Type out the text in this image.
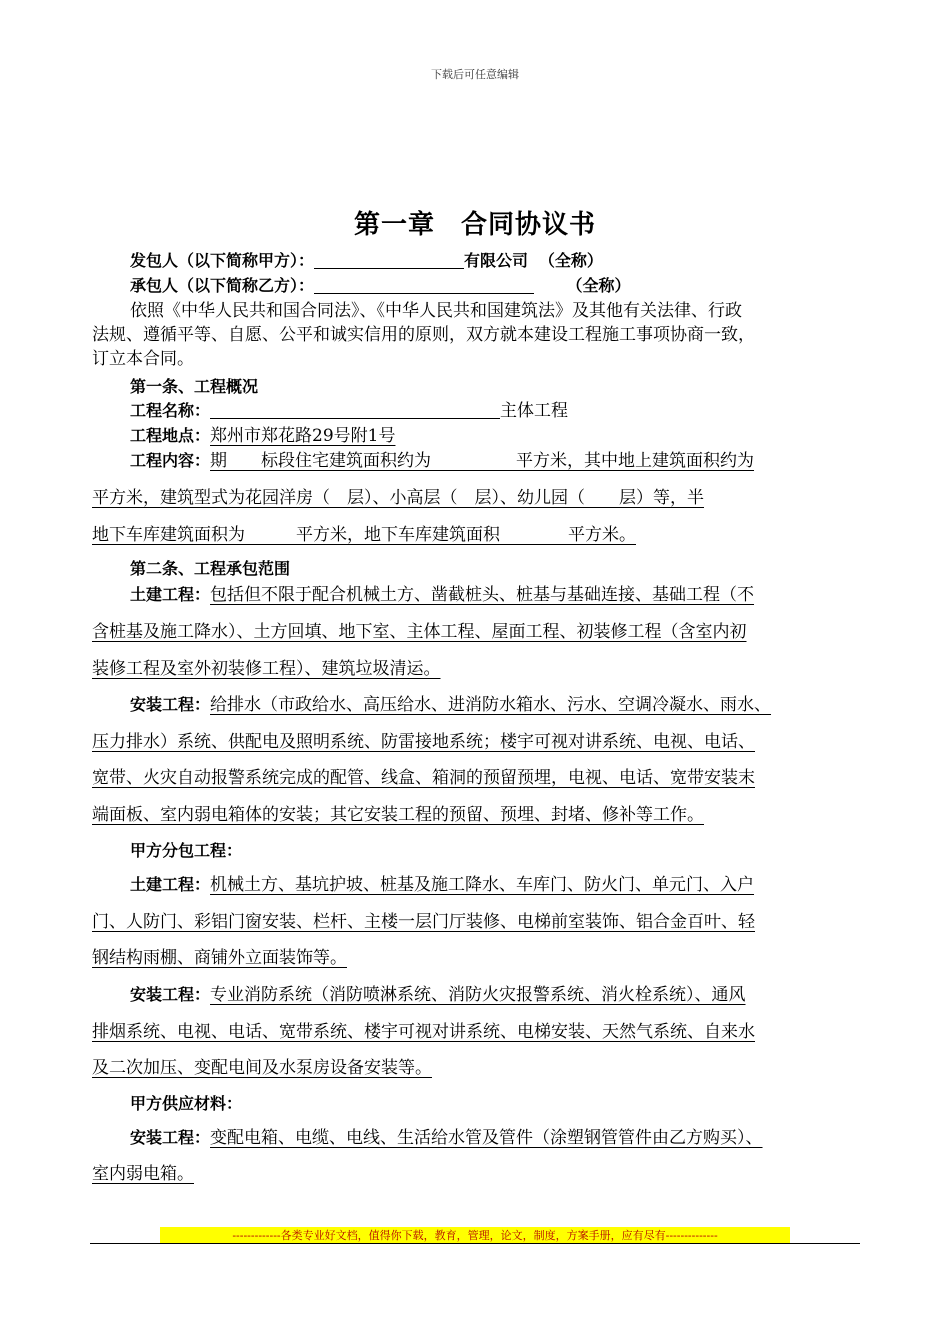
下载后可任意编辑
第一章 合同协议书
发包人（以下简称甲方）：	有限公司 （全称）
承包人（以下简称乙方）：	（全称）
依照《中华人民共和国合同法》、《中华人民共和国建筑法》及其他有关法律、行政
法规、遵循平等、自愿、公平和诚实信用的原则，双方就本建设工程施工事项协商一致，
订立本合同。
第一条、工程概况
工程名称：	主体工程
工程地点：郑州市郑花路29号附1号
工程内容：期　　标段住宅建筑面积约为　　　　　平方米，其中地上建筑面积约为
平方米，建筑型式为花园洋房（　层）、小高层（　层）、幼儿园（　　层）等，半
地下车库建筑面积为　　　平方米，地下车库建筑面积　　　　平方米。
第二条、工程承包范围
土建工程：包括但不限于配合机械土方、凿截桩头、桩基与基础连接、基础工程（不
含桩基及施工降水）、土方回填、地下室、主体工程、屋面工程、初装修工程（含室内初
装修工程及室外初装修工程）、建筑垃圾清运。
安装工程：给排水（市政给水、高压给水、进消防水箱水、污水、空调冷凝水、雨水、
压力排水）系统、供配电及照明系统、防雷接地系统；楼宇可视对讲系统、电视、电话、
宽带、火灾自动报警系统完成的配管、线盒、箱洞的预留预埋，电视、电话、宽带安装末
端面板、室内弱电箱体的安装；其它安装工程的预留、预埋、封堵、修补等工作。
甲方分包工程：
土建工程：机械土方、基坑护坡、桩基及施工降水、车库门、防火门、单元门、入户
门、人防门、彩铝门窗安装、栏杆、主楼一层门厅装修、电梯前室装饰、铝合金百叶、轻
钢结构雨棚、商铺外立面装饰等。
安装工程：专业消防系统（消防喷淋系统、消防火灾报警系统、消火栓系统）、通风
排烟系统、电视、电话、宽带系统、楼宇可视对讲系统、电梯安装、天然气系统、自来水
及二次加压、变配电间及水泵房设备安装等。
甲方供应材料：
安装工程：变配电箱、电缆、电线、生活给水管及管件（涂塑钢管管件由乙方购买）、
室内弱电箱。
-------------各类专业好文档，值得你下载，教育，管理，论文，制度，方案手册，应有尽有--------------
